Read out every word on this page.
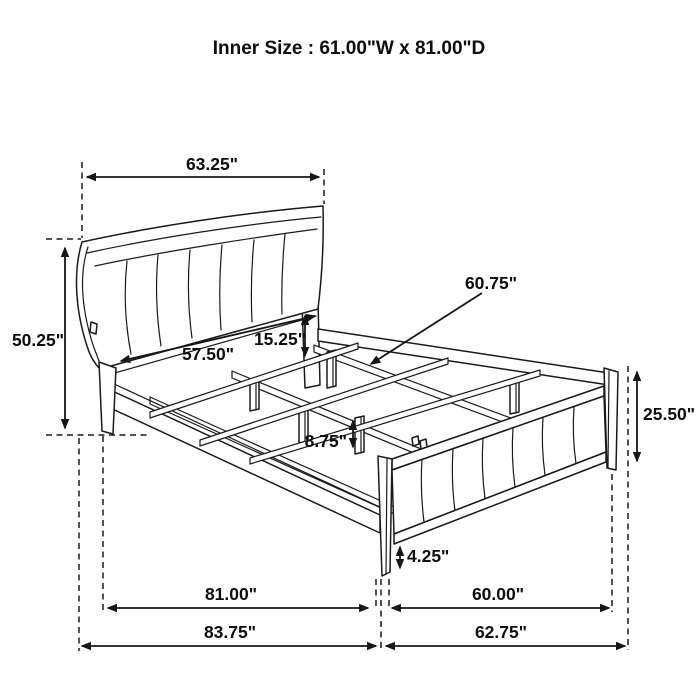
Inner Size : 61.00"W x 81.00"D
63.25"
50.25"
57.50"
15.25"
60.75"
25.50"
8.75"
4.25"
81.00"	60.00"
83.75"	62.75"
